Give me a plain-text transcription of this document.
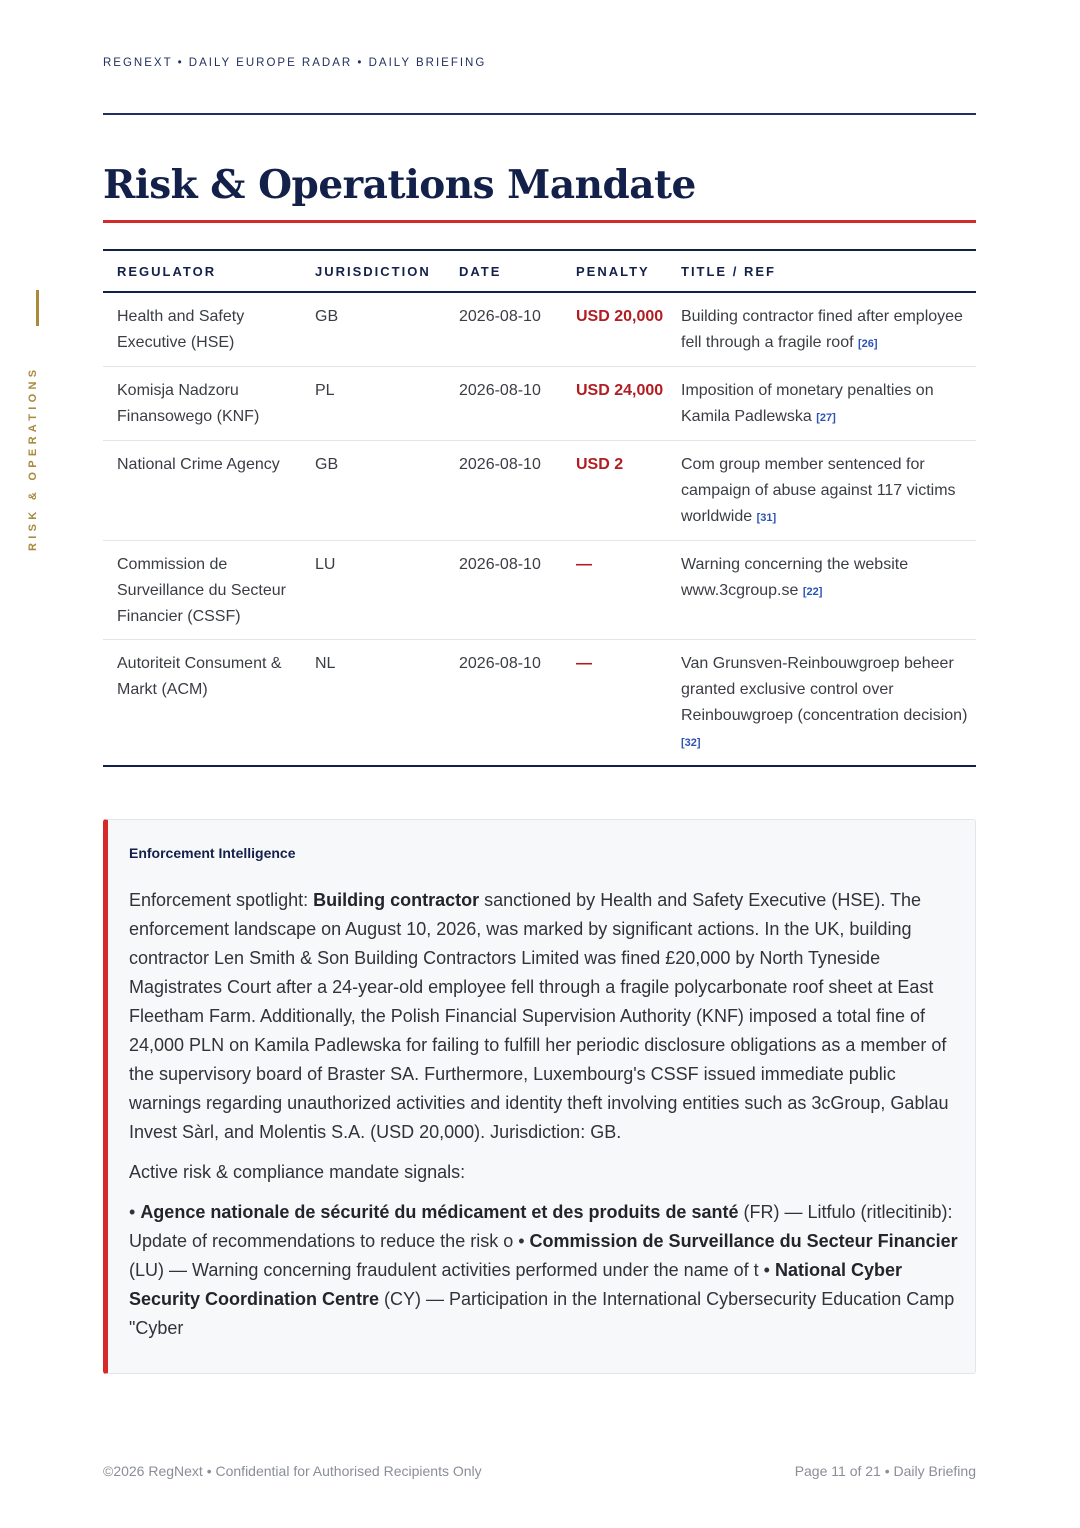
REGNEXT • DAILY EUROPE RADAR • DAILY BRIEFING
RISK & OPERATIONS
Risk & Operations Mandate
REGULATOR	JURISDICTION	DATE	PENALTY	TITLE / REF
Health and Safety Executive (HSE)	GB	2026-08-10	USD 20,000	Building contractor fined after employee fell through a fragile roof [26]
Komisja Nadzoru Finansowego (KNF)	PL	2026-08-10	USD 24,000	Imposition of monetary penalties on Kamila Padlewska [27]
National Crime Agency	GB	2026-08-10	USD 2	Com group member sentenced for campaign of abuse against 117 victims worldwide [31]
Commission de Surveillance du Secteur Financier (CSSF)	LU	2026-08-10	—	Warning concerning the website www.3cgroup.se [22]
Autoriteit Consument & Markt (ACM)	NL	2026-08-10	—	Van Grunsven-Reinbouwgroep beheer granted exclusive control over Reinbouwgroep (concentration decision) [32]
Enforcement Intelligence

Enforcement spotlight: Building contractor sanctioned by Health and Safety Executive (HSE). The enforcement landscape on August 10, 2026, was marked by significant actions. In the UK, building contractor Len Smith & Son Building Contractors Limited was fined £20,000 by North Tyneside Magistrates Court after a 24-year-old employee fell through a fragile polycarbonate roof sheet at East Fleetham Farm. Additionally, the Polish Financial Supervision Authority (KNF) imposed a total fine of 24,000 PLN on Kamila Padlewska for failing to fulfill her periodic disclosure obligations as a member of the supervisory board of Braster SA. Furthermore, Luxembourg's CSSF issued immediate public warnings regarding unauthorized activities and identity theft involving entities such as 3cGroup, Gablau Invest Sàrl, and Molentis S.A. (USD 20,000). Jurisdiction: GB.

Active risk & compliance mandate signals:

• Agence nationale de sécurité du médicament et des produits de santé (FR) — Litfulo (ritlecitinib): Update of recommendations to reduce the risk o • Commission de Surveillance du Secteur Financier (LU) — Warning concerning fraudulent activities performed under the name of t • National Cyber Security Coordination Centre (CY) — Participation in the International Cybersecurity Education Camp "Cyber

©2026 RegNext • Confidential for Authorised Recipients Only	Page 11 of 21 • Daily Briefing
